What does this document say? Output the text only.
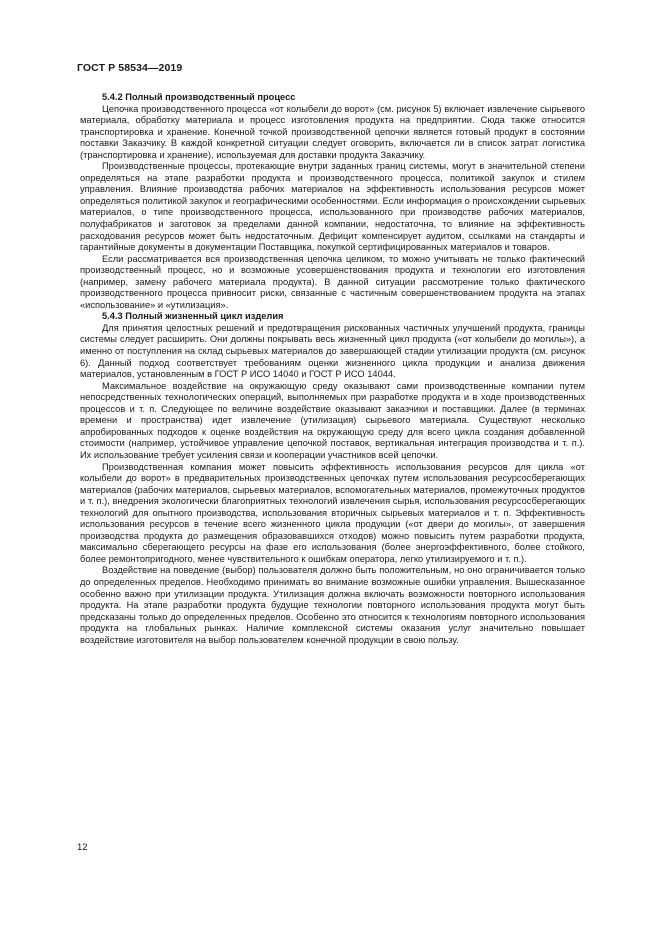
ГОСТ Р 58534—2019
5.4.2 Полный производственный процесс

Цепочка производственного процесса «от колыбели до ворот» (см. рисунок 5) включает извлечение сырьевого материала, обработку материала и процесс изготовления продукта на предприятии. Сюда также относится транспортировка и хранение. Конечной точкой производственной цепочки является готовый продукт в состоянии поставки Заказчику. В каждой конкретной ситуации следует оговорить, включается ли в список затрат логистика (транспортировка и хранение), используемая для доставки продукта Заказчику.

Производственные процессы, протекающие внутри заданных границ системы, могут в значительной степени определяться на этапе разработки продукта и производственного процесса, политикой закупок и стилем управления. Влияние производства рабочих материалов на эффективность использования ресурсов может определяться политикой закупок и географическими особенностями. Если информация о происхождении сырьевых материалов, о типе производственного процесса, использованного при производстве рабочих материалов, полуфабрикатов и заготовок за пределами данной компании, недостаточна, то влияние на эффективность расходования ресурсов может быть недостаточным. Дефицит компенсирует аудитом, ссылками на стандарты и гарантийные документы в документации Поставщика, покупкой сертифицированных материалов и товаров.

Если рассматривается вся производственная цепочка целиком, то можно учитывать не только фактический производственный процесс, но и возможные усовершенствования продукта и технологии его изготовления (например, замену рабочего материала продукта). В данной ситуации рассмотрение только фактического производственного процесса привносит риски, связанные с частичным совершенствованием продукта на этапах «использование» и «утилизация».

5.4.3 Полный жизненный цикл изделия

Для принятия целостных решений и предотвращения рискованных частичных улучшений продукта, границы системы следует расширить. Они должны покрывать весь жизненный цикл продукта («от колыбели до могилы»), а именно от поступления на склад сырьевых материалов до завершающей стадии утилизации продукта (см. рисунок 6). Данный подход соответствует требованиям оценки жизненного цикла продукции и анализа движения материалов, установленным в ГОСТ Р ИСО 14040 и ГОСТ Р ИСО 14044.

Максимальное воздействие на окружающую среду оказывают сами производственные компании путем непосредственных технологических операций, выполняемых при разработке продукта и в ходе производственных процессов и т. п. Следующее по величине воздействие оказывают заказчики и поставщики. Далее (в терминах времени и пространства) идет извлечение (утилизация) сырьевого материала. Существуют несколько апробированных подходов к оценке воздействия на окружающую среду для всего цикла создания добавленной стоимости (например, устойчивое управление цепочкой поставок, вертикальная интеграция производства и т. п.). Их использование требует усиления связи и кооперации участников всей цепочки.

Производственная компания может повысить эффективность использования ресурсов для цикла «от колыбели до ворот» в предварительных производственных цепочках путем использования ресурсосберегающих материалов (рабочих материалов, сырьевых материалов, вспомогательных материалов, промежуточных продуктов и т. п.), внедрения экологически благоприятных технологий извлечения сырья, использования ресурсосберегающих технологий для опытного производства, использования вторичных сырьевых материалов и т. п. Эффективность использования ресурсов в течение всего жизненного цикла продукции («от двери до могилы», от завершения производства продукта до размещения образовавшихся отходов) можно повысить путем разработки продукта, максимально сберегающего ресурсы на фазе его использования (более энергоэффективного, более стойкого, более ремонтопригодного, менее чувствительного к ошибкам оператора, легко утилизируемого и т. п.).

Воздействие на поведение (выбор) пользователя должно быть положительным, но оно ограничивается только до определенных пределов. Необходимо принимать во внимание возможные ошибки управления. Вышесказанное особенно важно при утилизации продукта. Утилизация должна включать возможности повторного использования продукта. На этапе разработки продукта будущие технологии повторного использования продукта могут быть предсказаны только до определенных пределов. Особенно это относится к технологиям повторного использования продукта на глобальных рынках. Наличие комплексной системы оказания услуг значительно повышает воздействие изготовителя на выбор пользователем конечной продукции в свою пользу.

12
